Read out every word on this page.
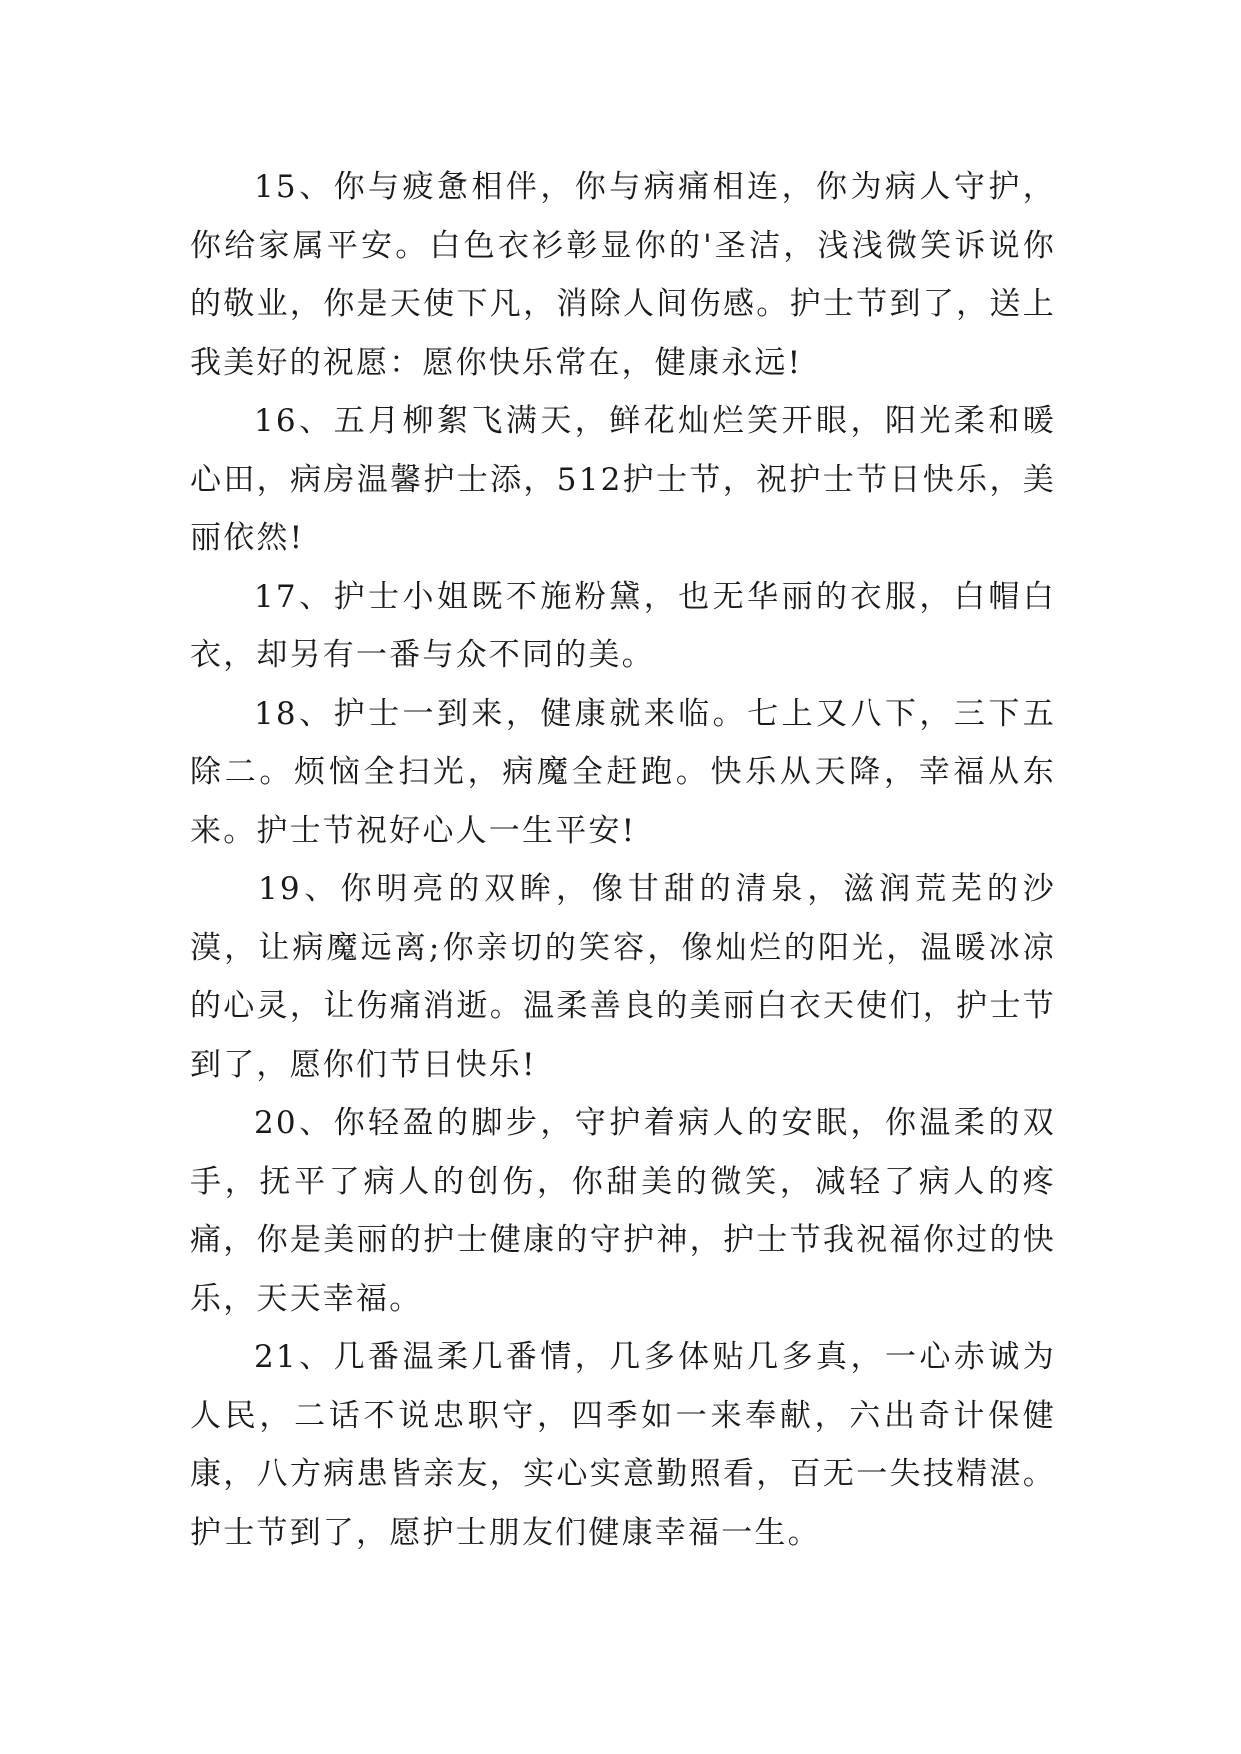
15、你与疲惫相伴，你与病痛相连，你为病人守护，你给家属平安。白色衣衫彰显你的'圣洁，浅浅微笑诉说你的敬业，你是天使下凡，消除人间伤感。护士节到了，送上我美好的祝愿：愿你快乐常在，健康永远!

16、五月柳絮飞满天，鲜花灿烂笑开眼，阳光柔和暖心田，病房温馨护士添，512护士节，祝护士节日快乐，美丽依然!

17、护士小姐既不施粉黛，也无华丽的衣服，白帽白衣，却另有一番与众不同的美。

18、护士一到来，健康就来临。七上又八下，三下五除二。烦恼全扫光，病魔全赶跑。快乐从天降，幸福从东来。护士节祝好心人一生平安!

19、你明亮的双眸，像甘甜的清泉，滋润荒芜的沙漠，让病魔远离;你亲切的笑容，像灿烂的阳光，温暖冰凉的心灵，让伤痛消逝。温柔善良的美丽白衣天使们，护士节到了，愿你们节日快乐!

20、你轻盈的脚步，守护着病人的安眠，你温柔的双手，抚平了病人的创伤，你甜美的微笑，减轻了病人的疼痛，你是美丽的护士健康的守护神，护士节我祝福你过的快乐，天天幸福。

21、几番温柔几番情，几多体贴几多真，一心赤诚为人民，二话不说忠职守，四季如一来奉献，六出奇计保健康，八方病患皆亲友，实心实意勤照看，百无一失技精湛。护士节到了，愿护士朋友们健康幸福一生。
